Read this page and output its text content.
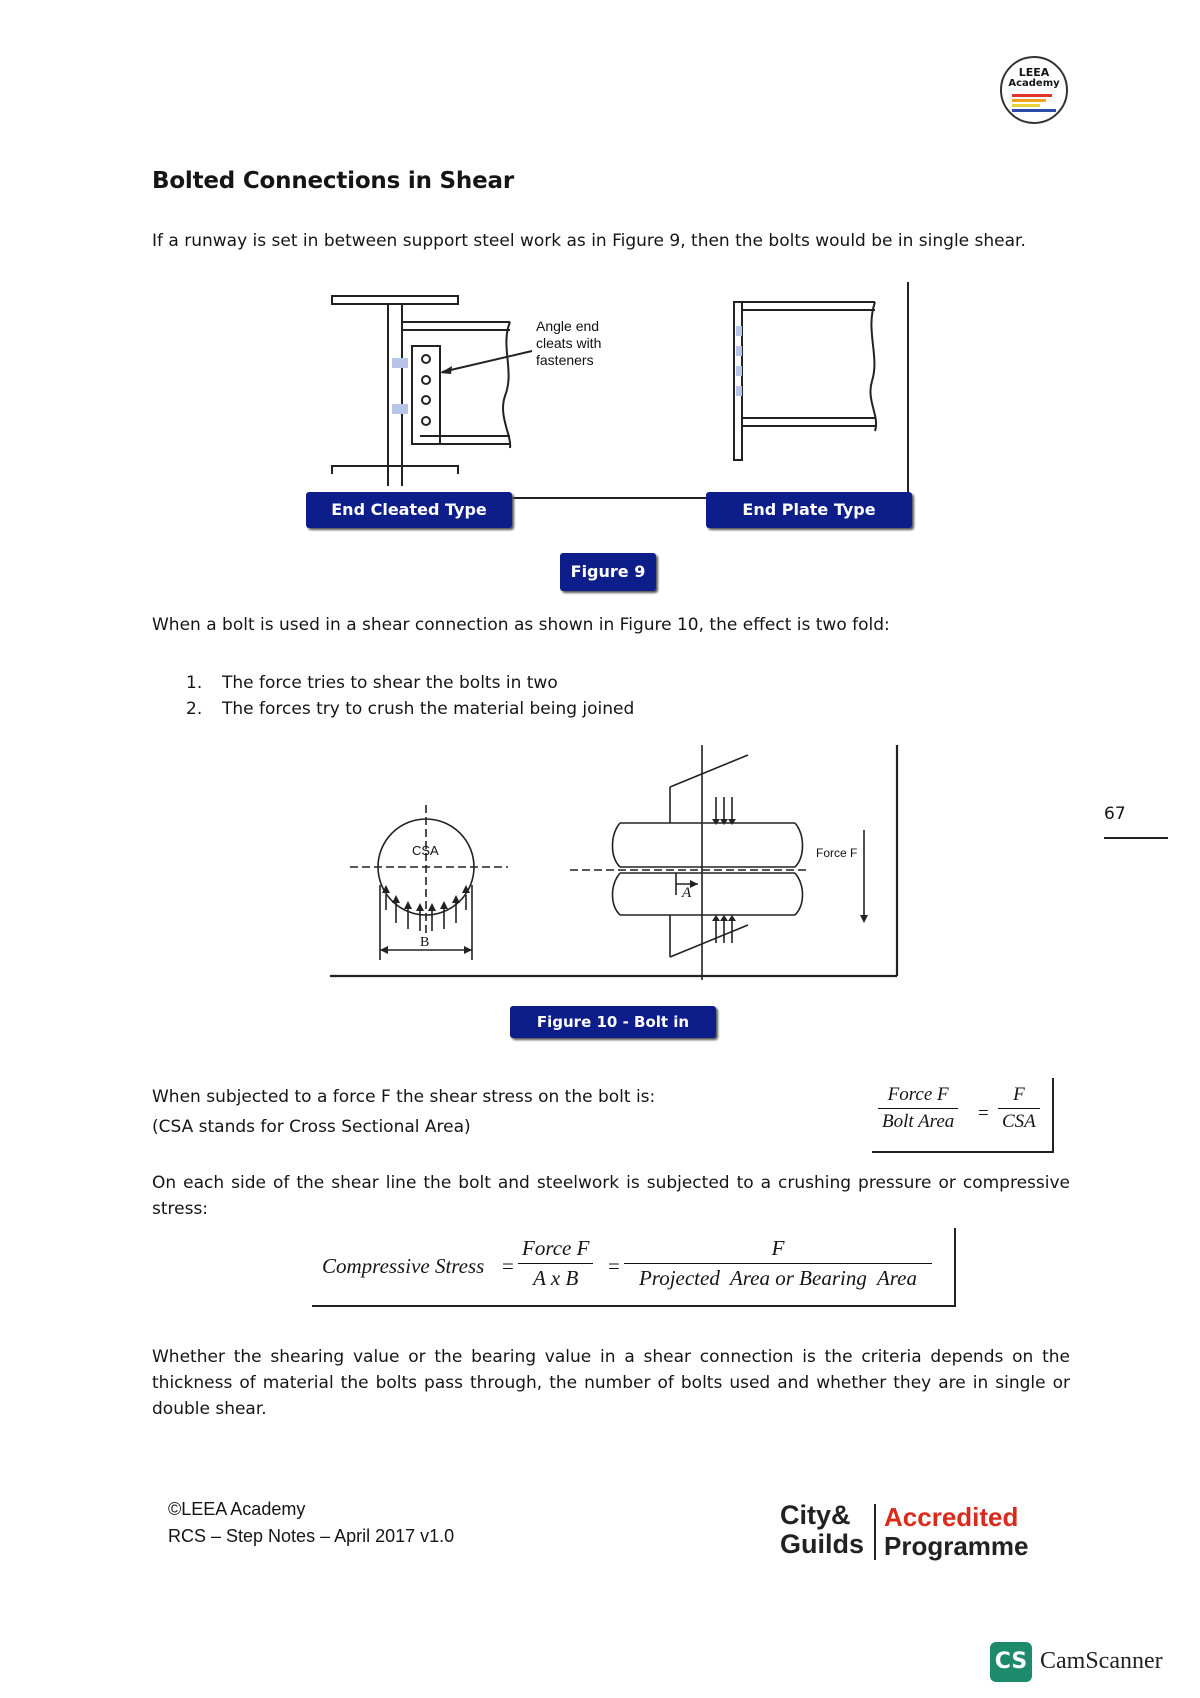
LEEA
Academy
Bolted Connections in Shear
If a runway is set in between support steel work as in Figure 9, then the bolts would be in single shear.
Angle end
cleats with
fasteners
End Cleated Type	End Plate Type
Figure 9
When a bolt is used in a shear connection as shown in Figure 10, the effect is two fold:
1. The force tries to shear the bolts in two
2. The forces try to crush the material being joined
CSA
B
A
Force F
Figure 10 - Bolt in Shear
67
When subjected to a force F the shear stress on the bolt is:
(CSA stands for Cross Sectional Area)
Force F
Bolt Area =
F
CSA
On each side of the shear line the bolt and steelwork is subjected to a crushing pressure or compressive stress:
Compressive Stress =
Force F
A x B	=
F
Projected  Area or Bearing  Area
Whether the shearing value or the bearing value in a shear connection is the criteria depends on the thickness of material the bolts pass through, the number of bolts used and whether they are in single or double shear.
©LEEA Academy
RCS – Step Notes – April 2017 v1.0
City&
Guilds
Accredited
Programme
CS CamScanner
